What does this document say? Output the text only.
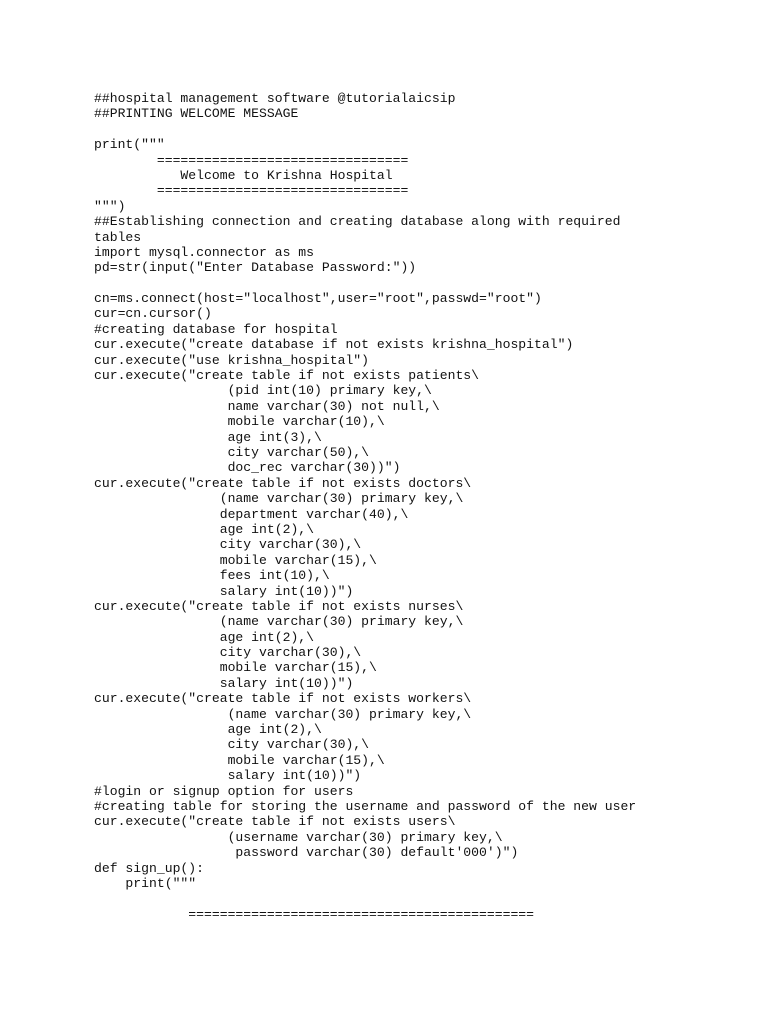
##hospital management software @tutorialaicsip
##PRINTING WELCOME MESSAGE
print("""
================================
Welcome to Krishna Hospital
================================
""")
##Establishing connection and creating database along with required
tables
import mysql.connector as ms
pd=str(input("Enter Database Password:"))
cn=ms.connect(host="localhost",user="root",passwd="root")
cur=cn.cursor()
#creating database for hospital
cur.execute("create database if not exists krishna_hospital")
cur.execute("use krishna_hospital")
cur.execute("create table if not exists patients\
(pid int(10) primary key,\
name varchar(30) not null,\
mobile varchar(10),\
age int(3),\
city varchar(50),\
doc_rec varchar(30))")
cur.execute("create table if not exists doctors\
(name varchar(30) primary key,\
department varchar(40),\
age int(2),\
city varchar(30),\
mobile varchar(15),\
fees int(10),\
salary int(10))")
cur.execute("create table if not exists nurses\
(name varchar(30) primary key,\
age int(2),\
city varchar(30),\
mobile varchar(15),\
salary int(10))")
cur.execute("create table if not exists workers\
(name varchar(30) primary key,\
age int(2),\
city varchar(30),\
mobile varchar(15),\
salary int(10))")
#login or signup option for users
#creating table for storing the username and password of the new user
cur.execute("create table if not exists users\
(username varchar(30) primary key,\
password varchar(30) default'000')")
def sign_up():
print("""
============================================
